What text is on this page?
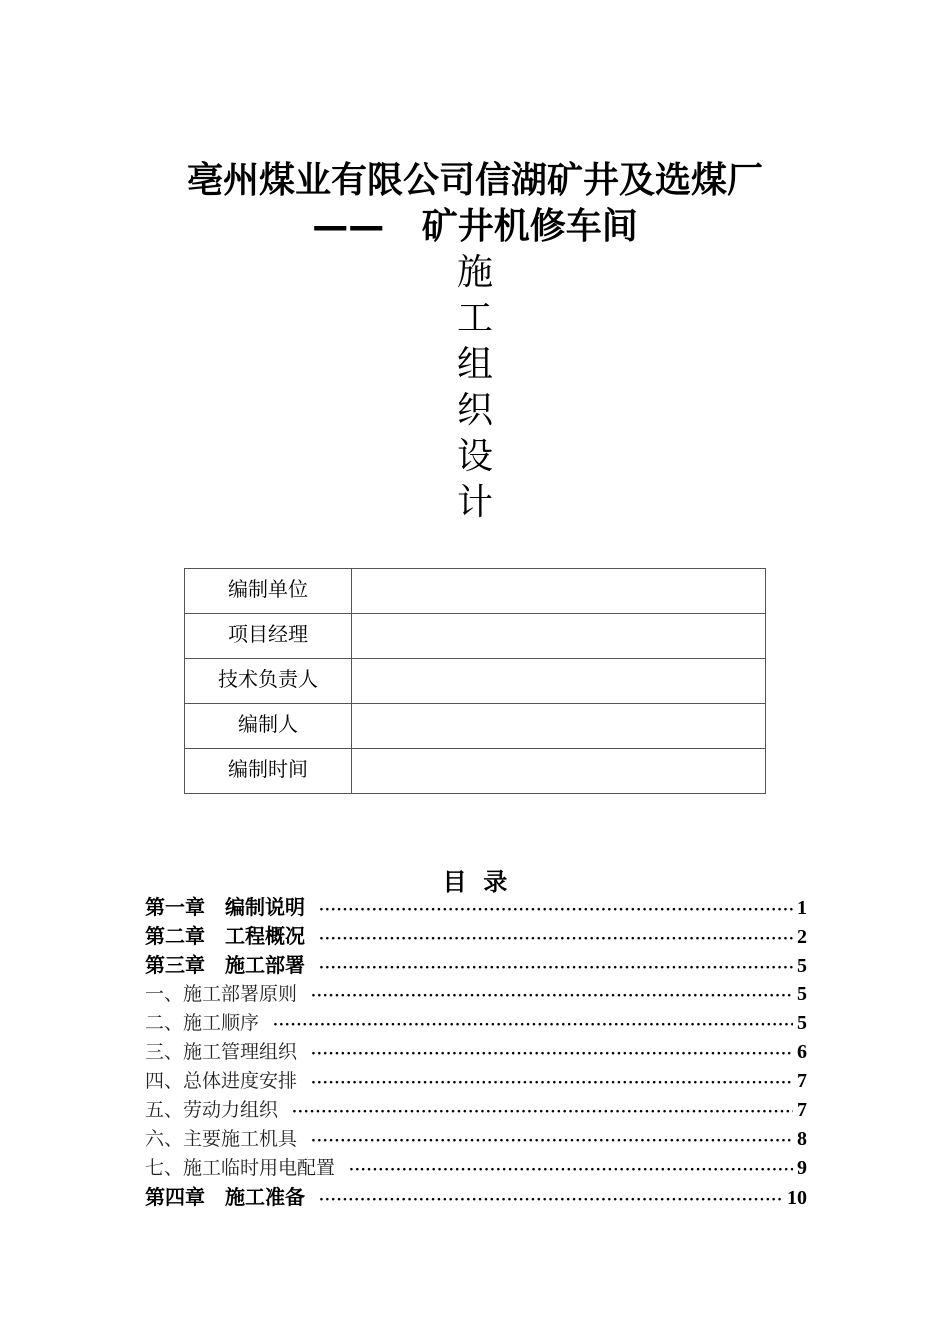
亳州煤业有限公司信湖矿井及选煤厂
——   矿井机修车间
施
工
组
织
设
计
编制单位	
项目经理	
技术负责人	
编制人	
编制时间	
目  录
第一章　编制说明 ·····	1
第二章　工程概况 ·····	2
第三章　施工部署 ·····	5
一、施工部署原则 ·····	5
二、施工顺序 ·····	5
三、施工管理组织 ·····	6
四、总体进度安排 ·····	7
五、劳动力组织 ·····	7
六、主要施工机具 ·····	8
七、施工临时用电配置 ·····	9
第四章　施工准备 ·····	10
